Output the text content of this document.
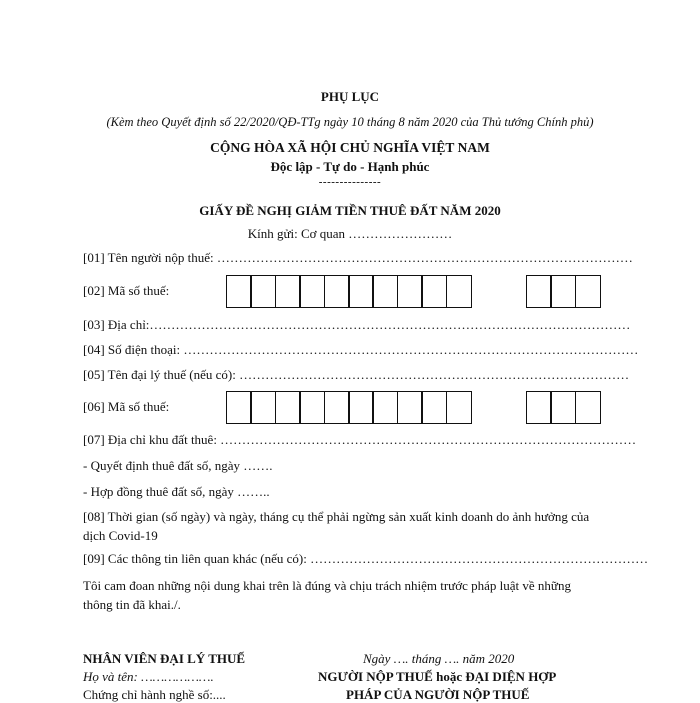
PHỤ LỤC
(Kèm theo Quyết định số 22/2020/QĐ-TTg ngày 10 tháng 8 năm 2020 của Thủ tướng Chính phủ)
CỘNG HÒA XÃ HỘI CHỦ NGHĨA VIỆT NAM
Độc lập - Tự do - Hạnh phúc
---------------
GIẤY ĐỀ NGHỊ GIẢM TIỀN THUÊ ĐẤT NĂM 2020
Kính gửi: Cơ quan ……………………
[01] Tên người nộp thuế: ……………………………………………………………………………………
[02] Mã số thuế:
[03] Địa chỉ:…………………………………………………………………………………………………
[04] Số điện thoại: ……………………………………………………………………………………………
[05] Tên đại lý thuế (nếu có): ………………………………………………………………………………
[06] Mã số thuế:
[07] Địa chỉ khu đất thuê: ……………………………………………………………………………………
- Quyết định thuê đất số, ngày …….
- Hợp đồng thuê đất số, ngày ……..
[08] Thời gian (số ngày) và ngày, tháng cụ thể phải ngừng sản xuất kinh doanh do ảnh hưởng của dịch Covid-19
[09] Các thông tin liên quan khác (nếu có): ……………………………………………………………………
Tôi cam đoan những nội dung khai trên là đúng và chịu trách nhiệm trước pháp luật về những thông tin đã khai./.
NHÂN VIÊN ĐẠI LÝ THUẾ
Họ và tên: ……………….
Chứng chỉ hành nghề số:....
Ngày …. tháng …. năm 2020
NGƯỜI NỘP THUẾ hoặc ĐẠI DIỆN HỢP
PHÁP CỦA NGƯỜI NỘP THUẾ
